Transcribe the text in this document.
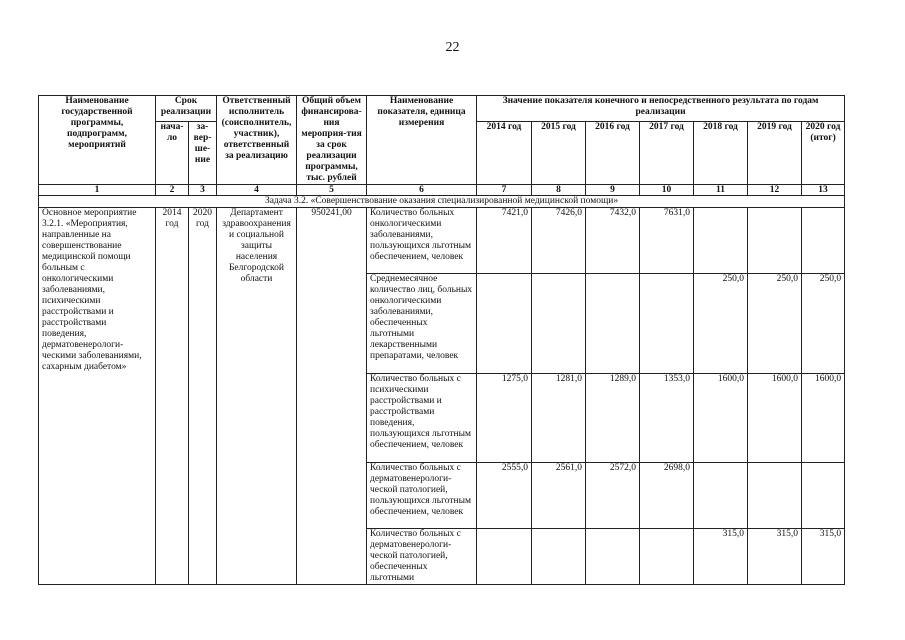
22
Наименование государственной программы, подпрограмм, мероприятий	Срок реализации		Ответственный исполнитель (соисполнитель, участник), ответственный за реализацию	Общий объем финансирова-ния мероприя-тия за срок реализации программы, тыс. рублей	Наименование показателя, единица измерения	Значение показателя конечного и непосредственного результата по годам реализации						
	нача-ло	за-вер-ше-ние				2014 год	2015 год	2016 год	2017 год	2018 год	2019 год	2020 год (итог)
1	2	3	4	5	6	7	8	9	10	11	12	13
Задача 3.2. «Совершенствование оказания специализированной медицинской помощи»												
Основное мероприятие 3.2.1. «Мероприятия, направленные на совершенствование медицинской помощи больным с онкологическими заболеваниями, психическими расстройствами и расстройствами поведения, дерматовенерологи-ческими заболеваниями, сахарным диабетом»	2014 год	2020 год	Департамент здравоохранения и социальной защиты населения Белгородской области	950241,00	Количество больных онкологическими заболеваниями, пользующихся льготным обеспечением, человек	7421,0	7426,0	7432,0	7631,0			
					Среднемесячное количество лиц, больных онкологическими заболеваниями, обеспеченных льготными лекарственными препаратами, человек					250,0	250,0	250,0
					Количество больных с психическими расстройствами и расстройствами поведения, пользующихся льготным обеспечением, человек	1275,0	1281,0	1289,0	1353,0	1600,0	1600,0	1600,0
					Количество больных с дерматовенерологи-ческой патологией, пользующихся льготным обеспечением, человек	2555,0	2561,0	2572,0	2698,0			
					Количество больных с дерматовенерологи-ческой патологией, обеспеченных льготными					315,0	315,0	315,0
